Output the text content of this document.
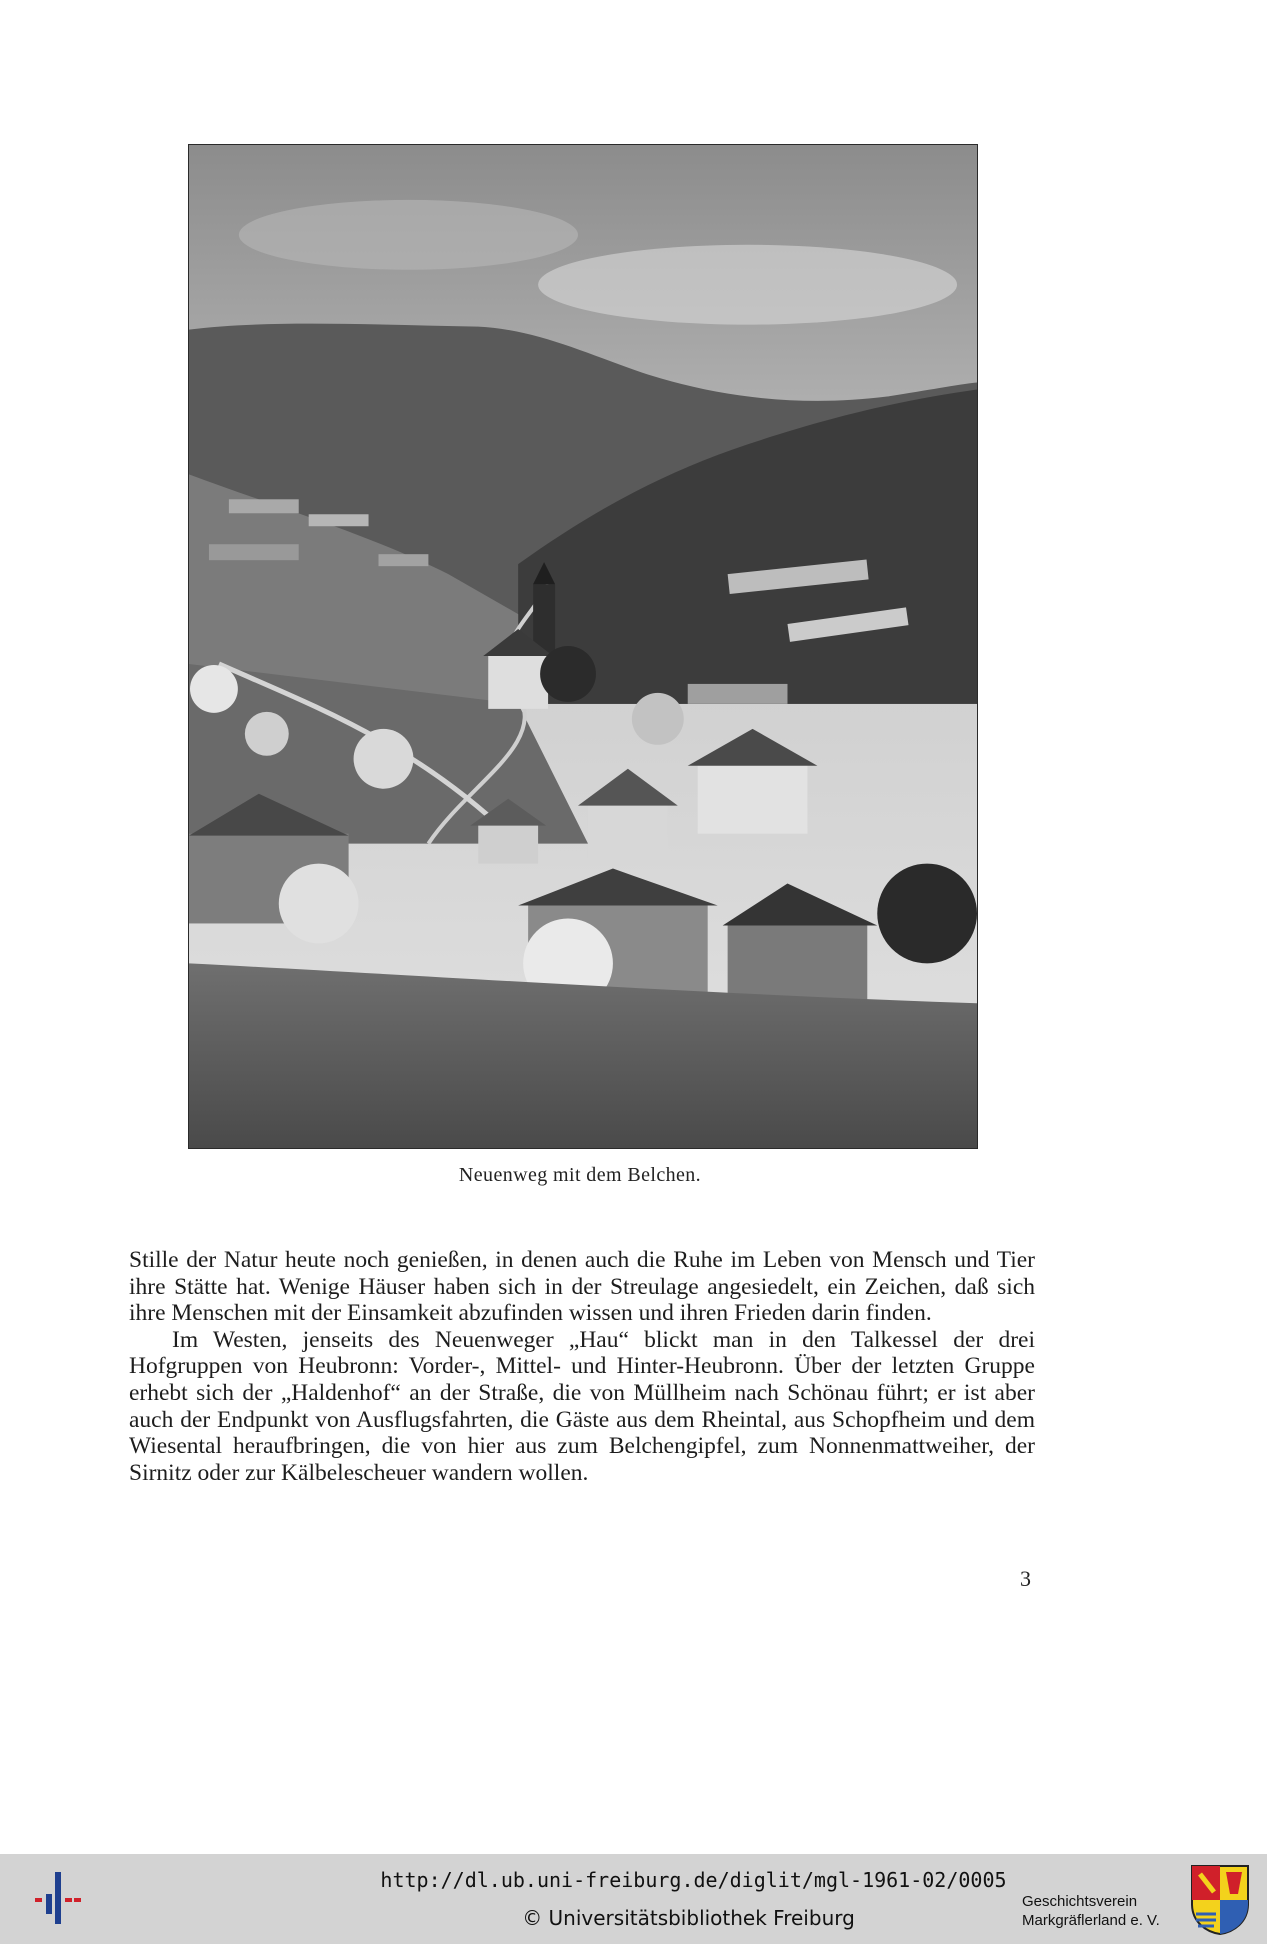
Neuenweg mit dem Belchen.

Stille der Natur heute noch genießen, in denen auch die Ruhe im Leben von Mensch und Tier ihre Stätte hat. Wenige Häuser haben sich in der Streulage angesiedelt, ein Zeichen, daß sich ihre Menschen mit der Einsamkeit abzufinden wissen und ihren Frieden darin finden.

Im Westen, jenseits des Neuenweger „Hau“ blickt man in den Talkessel der drei Hofgruppen von Heubronn: Vorder-, Mittel- und Hinter-Heubronn. Über der letzten Gruppe erhebt sich der „Haldenhof“ an der Straße, die von Müllheim nach Schönau führt; er ist aber auch der Endpunkt von Ausflugsfahrten, die Gäste aus dem Rheintal, aus Schopfheim und dem Wiesental heraufbringen, die von hier aus zum Belchengipfel, zum Nonnenmattweiher, der Sirnitz oder zur Kälbelescheuer wandern wollen.

3
http://dl.ub.uni-freiburg.de/diglit/mgl-1961-02/0005
© Universitätsbibliothek Freiburg
Geschichtsverein
Markgräflerland e. V.
